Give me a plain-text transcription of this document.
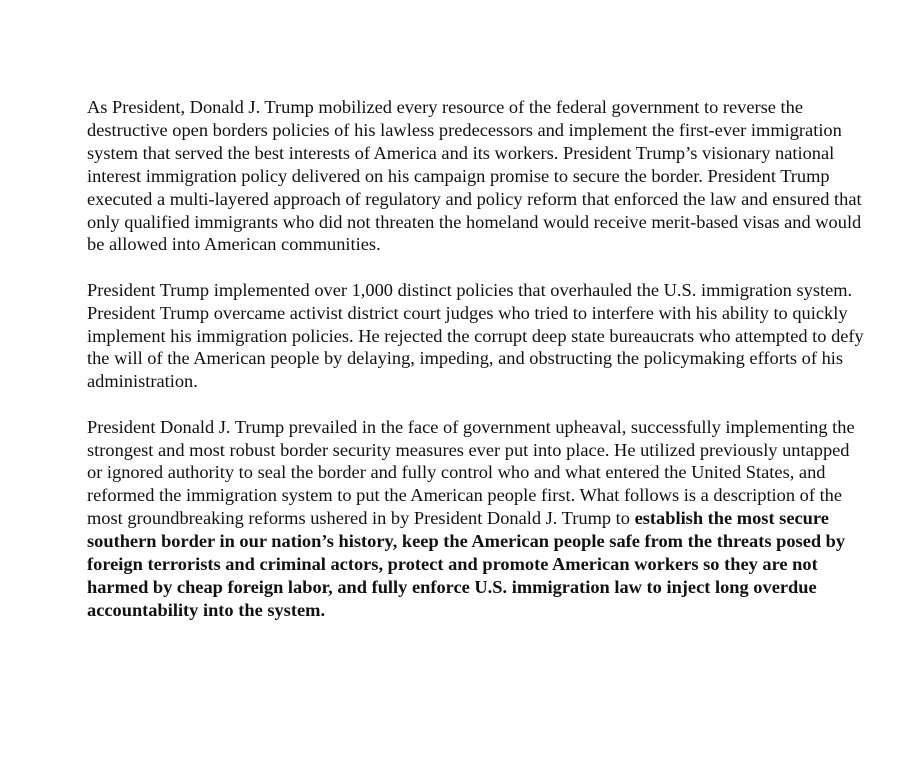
As President, Donald J. Trump mobilized every resource of the federal government to reverse the destructive open borders policies of his lawless predecessors and implement the first-ever immigration system that served the best interests of America and its workers. President Trump’s visionary national interest immigration policy delivered on his campaign promise to secure the border. President Trump executed a multi-layered approach of regulatory and policy reform that enforced the law and ensured that only qualified immigrants who did not threaten the homeland would receive merit-based visas and would be allowed into American communities.

President Trump implemented over 1,000 distinct policies that overhauled the U.S. immigration system. President Trump overcame activist district court judges who tried to interfere with his ability to quickly implement his immigration policies. He rejected the corrupt deep state bureaucrats who attempted to defy the will of the American people by delaying, impeding, and obstructing the policymaking efforts of his administration.

President Donald J. Trump prevailed in the face of government upheaval, successfully implementing the strongest and most robust border security measures ever put into place. He utilized previously untapped or ignored authority to seal the border and fully control who and what entered the United States, and reformed the immigration system to put the American people first. What follows is a description of the most groundbreaking reforms ushered in by President Donald J. Trump to establish the most secure southern border in our nation’s history, keep the American people safe from the threats posed by foreign terrorists and criminal actors, protect and promote American workers so they are not harmed by cheap foreign labor, and fully enforce U.S. immigration law to inject long overdue accountability into the system.
